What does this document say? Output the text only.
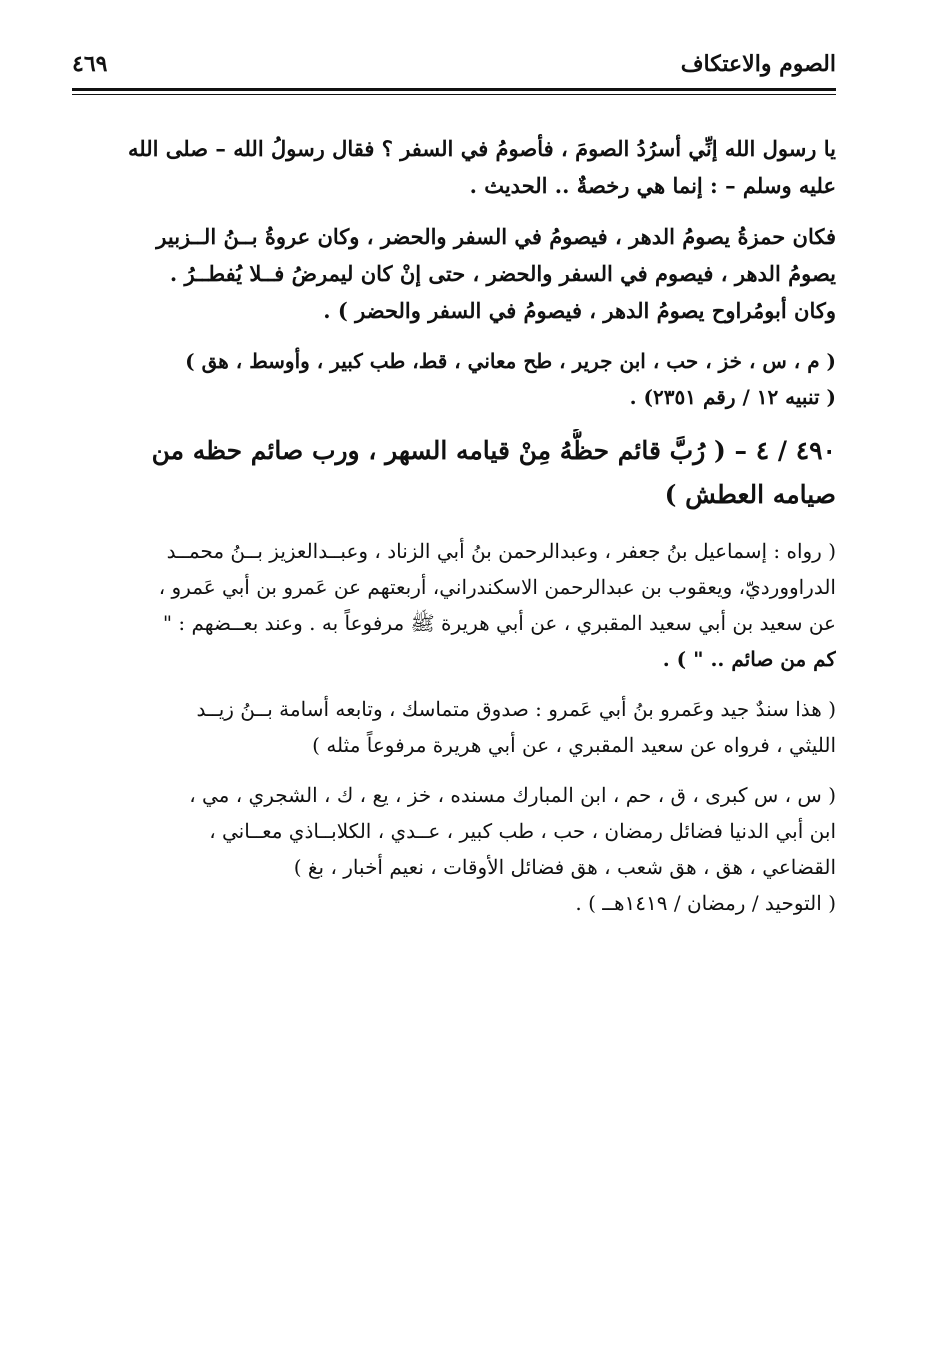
الصوم والاعتكاف
٤٦٩
يا رسول الله إنِّي أسرُدُ الصومَ ، فأصومُ في السفر ؟ فقال رسولُ الله – صلى الله
عليه وسلم – : إنما هي رخصةٌ .. الحديث .
فكان حمزةُ يصومُ الدهر ، فيصومُ في السفر والحضر ، وكان عروةُ بــنُ الــزبير
يصومُ الدهر ، فيصوم في السفر والحضر ، حتى إنْ كان ليمرضُ فــلا يُفطــرُ .
وكان أبومُراوح يصومُ الدهر ، فيصومُ في السفر والحضر ) .
( م ، س ، خز ، حب ، ابن جرير ، طح معاني ، قط، طب كبير ، وأوسط ، هق )
( تنبيه ١٢ / رقم ٢٣٥١) .
٤٩٠ / ٤ – ( رُبَّ قائم حظُّهُ مِنْ قيامه السهر ، ورب صائم حظه من
صيامه العطش )
( رواه : إسماعيل بنُ جعفر ، وعبدالرحمن بنُ أبي الزناد ، وعبــدالعزيز بــنُ محمــد
الدراوورديّ، ويعقوب بن عبدالرحمن الاسكندراني، أربعتهم عن عَمرو بن أبي عَمرو ،
عن سعيد بن أبي سعيد المقبري ، عن أبي هريرة ﷺ مرفوعاً به . وعند بعــضهم : "
كم من صائم .. " ) .
( هذا سندٌ جيد وعَمرو بنُ أبي عَمرو : صدوق متماسك ، وتابعه أسامة بــنُ زيــد
الليثي ، فرواه عن سعيد المقبري ، عن أبي هريرة مرفوعاً مثله )
( س ، س كبرى ، ق ، حم ، ابن المبارك مسنده ، خز ، يع ، ك ، الشجري ، مي ،
ابن أبي الدنيا فضائل رمضان ، حب ، طب كبير ، عــدي ، الكلابــاذي معــاني ،
القضاعي ، هق ، هق شعب ، هق فضائل الأوقات ، نعيم أخبار ، بغ )
( التوحيد / رمضان / ١٤١٩هــ ) .
